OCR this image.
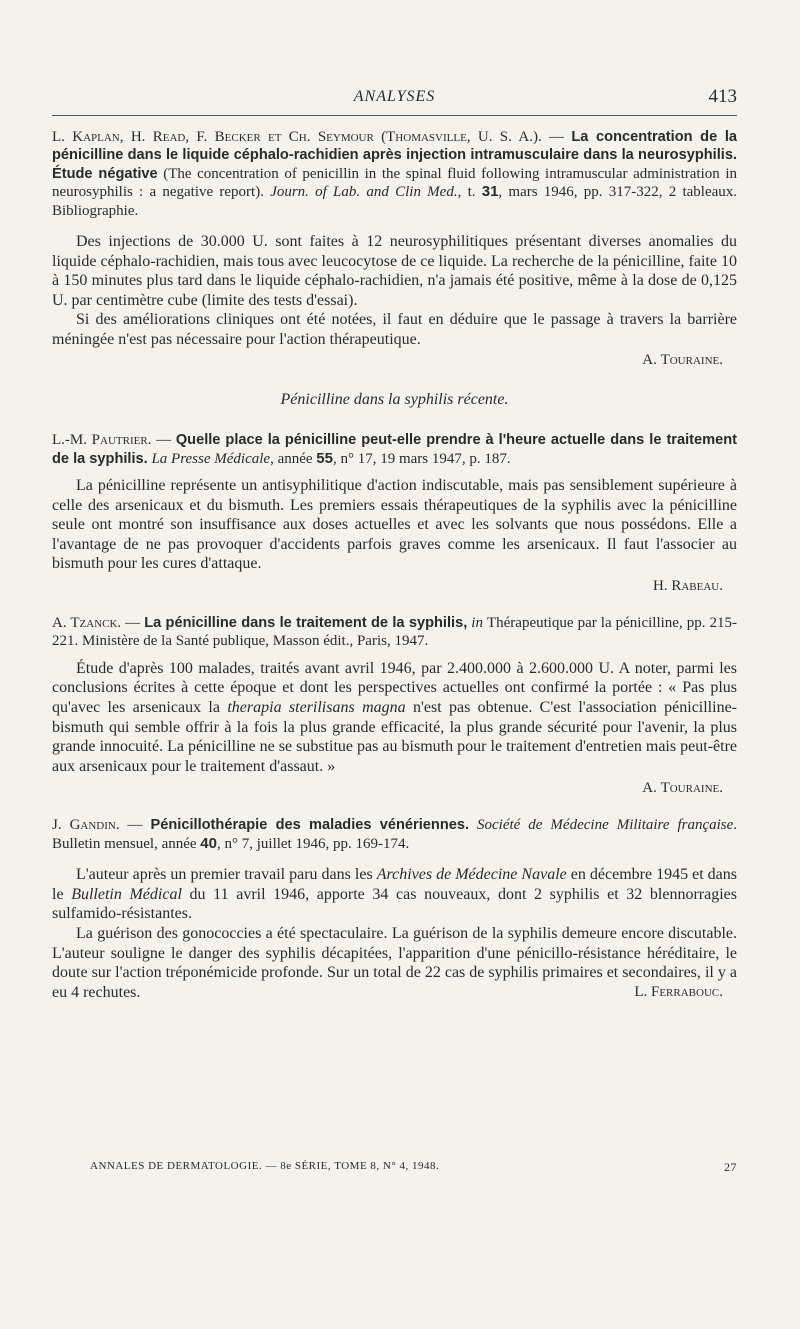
ANALYSES	413

L. Kaplan, H. Read, F. Becker et Ch. Seymour (Thomasville, U. S. A.). — La concentration de la pénicilline dans le liquide céphalo-rachidien après injection intramusculaire dans la neurosyphilis. Étude négative (The concentration of penicillin in the spinal fluid following intramuscular administration in neurosyphilis : a negative report). Journ. of Lab. and Clin Med., t. 31, mars 1946, pp. 317-322, 2 tableaux. Bibliographie.

Des injections de 30.000 U. sont faites à 12 neurosyphilitiques présentant diverses anomalies du liquide céphalo-rachidien, mais tous avec leucocytose de ce liquide. La recherche de la pénicilline, faite 10 à 150 minutes plus tard dans le liquide céphalo-rachidien, n'a jamais été positive, même à la dose de 0,125 U. par centimètre cube (limite des tests d'essai).

Si des améliorations cliniques ont été notées, il faut en déduire que le passage à travers la barrière méningée n'est pas nécessaire pour l'action thérapeutique.

A. Touraine.

Pénicilline dans la syphilis récente.

L.-M. Pautrier. — Quelle place la pénicilline peut-elle prendre à l'heure actuelle dans le traitement de la syphilis. La Presse Médicale, année 55, n° 17, 19 mars 1947, p. 187.

La pénicilline représente un antisyphilitique d'action indiscutable, mais pas sensiblement supérieure à celle des arsenicaux et du bismuth. Les premiers essais thérapeutiques de la syphilis avec la pénicilline seule ont montré son insuffisance aux doses actuelles et avec les solvants que nous possédons. Elle a l'avantage de ne pas provoquer d'accidents parfois graves comme les arsenicaux. Il faut l'associer au bismuth pour les cures d'attaque.

H. Rabeau.

A. Tzanck. — La pénicilline dans le traitement de la syphilis, in Thérapeutique par la pénicilline, pp. 215-221. Ministère de la Santé publique, Masson édit., Paris, 1947.

Étude d'après 100 malades, traités avant avril 1946, par 2.400.000 à 2.600.000 U. A noter, parmi les conclusions écrites à cette époque et dont les perspectives actuelles ont confirmé la portée : « Pas plus qu'avec les arsenicaux la therapia sterilisans magna n'est pas obtenue. C'est l'association pénicilline-bismuth qui semble offrir à la fois la plus grande efficacité, la plus grande sécurité pour l'avenir, la plus grande innocuité. La pénicilline ne se substitue pas au bismuth pour le traitement d'entretien mais peut-être aux arsenicaux pour le traitement d'assaut. »

A. Touraine.

J. Gandin. — Pénicillothérapie des maladies vénériennes. Société de Médecine Militaire française. Bulletin mensuel, année 40, n° 7, juillet 1946, pp. 169-174.

L'auteur après un premier travail paru dans les Archives de Médecine Navale en décembre 1945 et dans le Bulletin Médical du 11 avril 1946, apporte 34 cas nouveaux, dont 2 syphilis et 32 blennorragies sulfamido-résistantes.

La guérison des gonococcies a été spectaculaire. La guérison de la syphilis demeure encore discutable. L'auteur souligne le danger des syphilis décapitées, l'apparition d'une pénicillo-résistance héréditaire, le doute sur l'action tréponémicide profonde. Sur un total de 22 cas de syphilis primaires et secondaires, il y a eu 4 rechutes.	L. Ferrabouc.

ANNALES DE DERMATOLOGIE. — 8e SÉRIE, TOME 8, N° 4, 1948.	27
